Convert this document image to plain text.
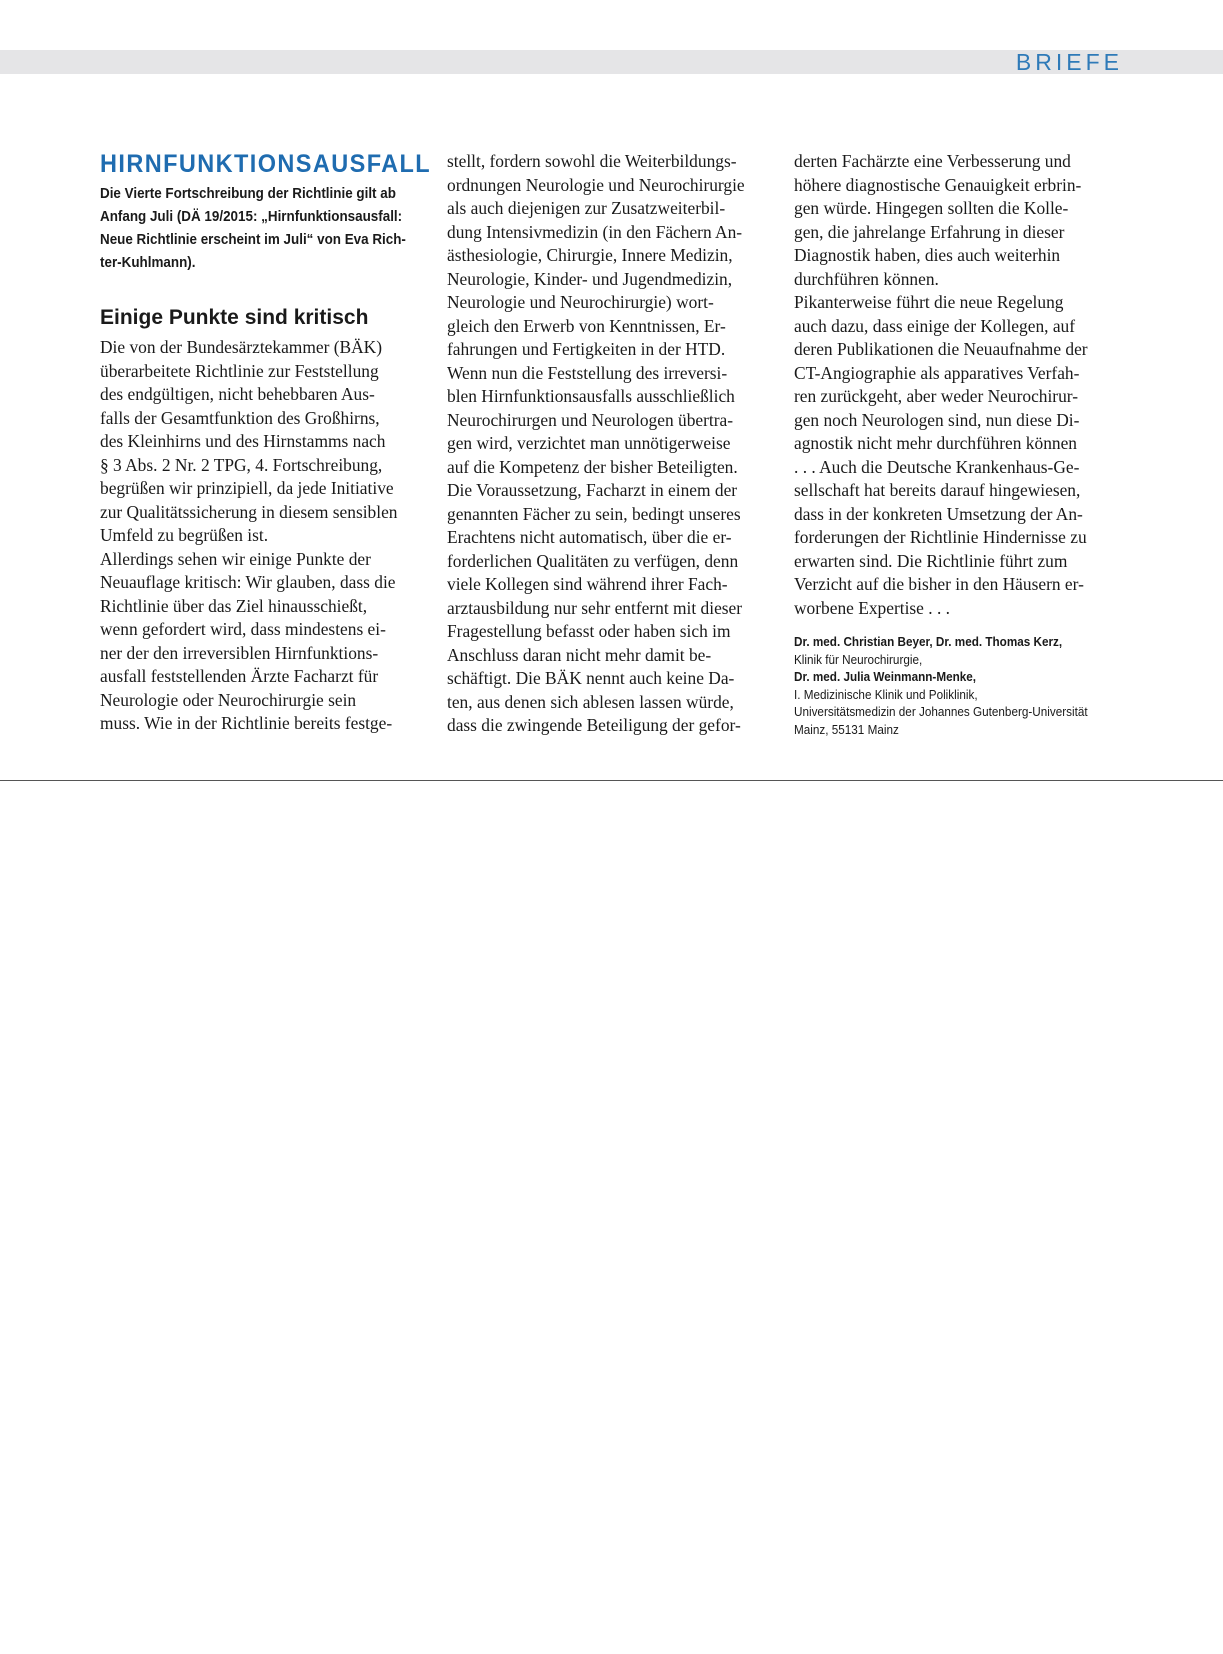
BRIEFE
HIRNFUNKTIONSAUSFALL
Die Vierte Fortschreibung der Richtlinie gilt ab
Anfang Juli (DÄ 19/2015: „Hirnfunktionsausfall:
Neue Richtlinie erscheint im Juli“ von Eva Rich-
ter-Kuhlmann).
Einige Punkte sind kritisch
Die von der Bundesärztekammer (BÄK)
überarbeitete Richtlinie zur Feststellung
des endgültigen, nicht behebbaren Aus-
falls der Gesamtfunktion des Großhirns,
des Kleinhirns und des Hirnstamms nach
§ 3 Abs. 2 Nr. 2 TPG, 4. Fortschreibung,
begrüßen wir prinzipiell, da jede Initiative
zur Qualitätssicherung in diesem sensiblen
Umfeld zu begrüßen ist.
Allerdings sehen wir einige Punkte der
Neuauflage kritisch: Wir glauben, dass die
Richtlinie über das Ziel hinausschießt,
wenn gefordert wird, dass mindestens ei-
ner der den irreversiblen Hirnfunktions-
ausfall feststellenden Ärzte Facharzt für
Neurologie oder Neurochirurgie sein
muss. Wie in der Richtlinie bereits festge-
stellt, fordern sowohl die Weiterbildungs-
ordnungen Neurologie und Neurochirurgie
als auch diejenigen zur Zusatzweiterbil-
dung Intensivmedizin (in den Fächern An-
ästhesiologie, Chirurgie, Innere Medizin,
Neurologie, Kinder- und Jugendmedizin,
Neurologie und Neurochirurgie) wort-
gleich den Erwerb von Kenntnissen, Er-
fahrungen und Fertigkeiten in der HTD.
Wenn nun die Feststellung des irreversi-
blen Hirnfunktionsausfalls ausschließlich
Neurochirurgen und Neurologen übertra-
gen wird, verzichtet man unnötigerweise
auf die Kompetenz der bisher Beteiligten.
Die Voraussetzung, Facharzt in einem der
genannten Fächer zu sein, bedingt unseres
Erachtens nicht automatisch, über die er-
forderlichen Qualitäten zu verfügen, denn
viele Kollegen sind während ihrer Fach-
arztausbildung nur sehr entfernt mit dieser
Fragestellung befasst oder haben sich im
Anschluss daran nicht mehr damit be-
schäftigt. Die BÄK nennt auch keine Da-
ten, aus denen sich ablesen lassen würde,
dass die zwingende Beteiligung der gefor-
derten Fachärzte eine Verbesserung und
höhere diagnostische Genauigkeit erbrin-
gen würde. Hingegen sollten die Kolle-
gen, die jahrelange Erfahrung in dieser
Diagnostik haben, dies auch weiterhin
durchführen können.
Pikanterweise führt die neue Regelung
auch dazu, dass einige der Kollegen, auf
deren Publikationen die Neuaufnahme der
CT-Angiographie als apparatives Verfah-
ren zurückgeht, aber weder Neurochirur-
gen noch Neurologen sind, nun diese Di-
agnostik nicht mehr durchführen können
. . . Auch die Deutsche Krankenhaus-Ge-
sellschaft hat bereits darauf hingewiesen,
dass in der konkreten Umsetzung der An-
forderungen der Richtlinie Hindernisse zu
erwarten sind. Die Richtlinie führt zum
Verzicht auf die bisher in den Häusern er-
worbene Expertise . . .
Dr. med. Christian Beyer, Dr. med. Thomas Kerz,
Klinik für Neurochirurgie,
Dr. med. Julia Weinmann-Menke,
I. Medizinische Klinik und Poliklinik,
Universitätsmedizin der Johannes Gutenberg-Universität
Mainz, 55131 Mainz
